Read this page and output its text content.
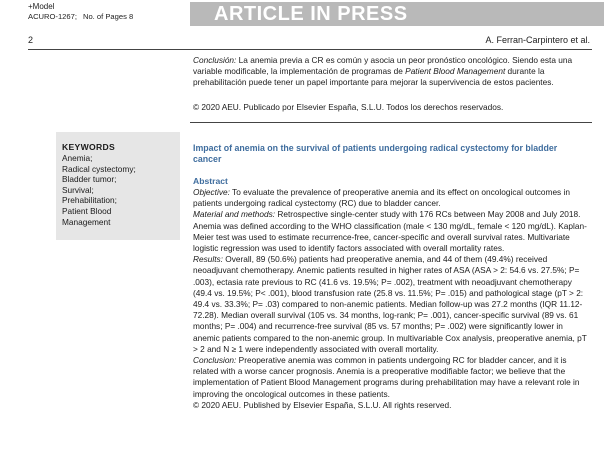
+Model
ACURO-1267; No. of Pages 8	ARTICLE IN PRESS
2	A. Ferran-Carpintero et al.
Conclusión: La anemia previa a CR es común y asocia un peor pronóstico oncológico. Siendo esta una variable modificable, la implementación de programas de Patient Blood Management durante la prehabilitación puede tener un papel importante para mejorar la supervivencia de estos pacientes.
© 2020 AEU. Publicado por Elsevier España, S.L.U. Todos los derechos reservados.
KEYWORDS
Anemia;
Radical cystectomy;
Bladder tumor;
Survival;
Prehabilitation;
Patient Blood
Management
Impact of anemia on the survival of patients undergoing radical cystectomy for bladder cancer
Abstract
Objective: To evaluate the prevalence of preoperative anemia and its effect on oncological outcomes in patients undergoing radical cystectomy (RC) due to bladder cancer.
Material and methods: Retrospective single-center study with 176 RCs between May 2008 and July 2018. Anemia was defined according to the WHO classification (male < 130 mg/dL, female < 120 mg/dL). Kaplan-Meier test was used to estimate recurrence-free, cancer-specific and overall survival rates. Multivariate logistic regression was used to identify factors associated with overall mortality rates.
Results: Overall, 89 (50.6%) patients had preoperative anemia, and 44 of them (49.4%) received neoadjuvant chemotherapy. Anemic patients resulted in higher rates of ASA (ASA > 2: 54.6 vs. 27.5%; P= .003), ectasia rate previous to RC (41.6 vs. 19.5%; P= .002), treatment with neoadjuvant chemotherapy (49.4 vs. 19.5%; P< .001), blood transfusion rate (25.8 vs. 11.5%; P= .015) and pathological stage (pT > 2: 49.4 vs. 33.3%; P= .03) compared to non-anemic patients. Median follow-up was 27.2 months (IQR 11.12-72.28). Median overall survival (105 vs. 34 months, log-rank; P= .001), cancer-specific survival (89 vs. 61 months; P= .004) and recurrence-free survival (85 vs. 57 months; P= .002) were significantly lower in anemic patients compared to the non-anemic group. In multivariable Cox analysis, preoperative anemia, pT > 2 and N ≥ 1 were independently associated with overall mortality.
Conclusion: Preoperative anemia was common in patients undergoing RC for bladder cancer, and it is related with a worse cancer prognosis. Anemia is a preoperative modifiable factor; we believe that the implementation of Patient Blood Management programs during prehabilitation may have a relevant role in improving the oncological outcomes in these patients.
© 2020 AEU. Published by Elsevier España, S.L.U. All rights reserved.
